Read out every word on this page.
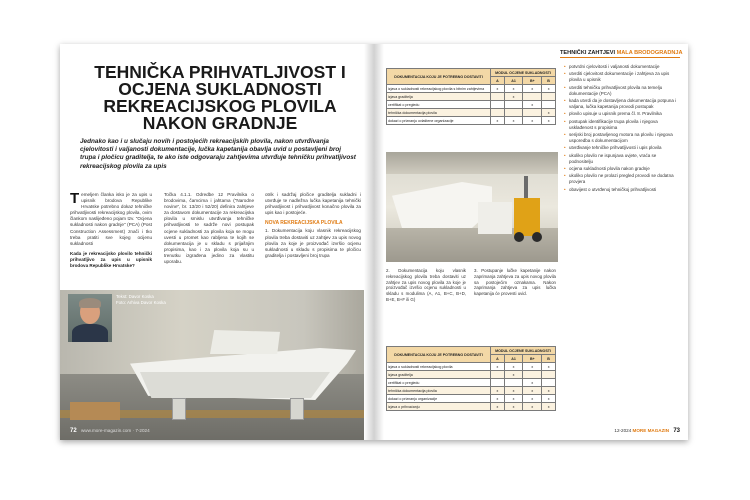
TEHNIČKA PRIHVATLJIVOST I OCJENA SUKLADNOSTI REKREACIJSKOG PLOVILA NAKON GRADNJE
Jednako kao i u slučaju novih i postojećih rekreacijskih plovila, nakon utvrđivanja cjelovitosti i valjanosti dokumentacije, lučka kapetanija obavlja uvid u postavljeni broj trupa i pločicu graditelja, te ako iste odgovaraju zahtjevima utvrđuje tehničku prihvatljivost rekreacijskog plovila za upis
T emeljem članka isko je za upis u upisnik brodova Republike Hrvatske potrebno dokaz tehničke prihvatljivosti rekreacijskog plovila, ovim člankom naslijeđeno pojam tzv. "Ocjena sukladnosti nakon gradnje" (PCA) (Post Construction Assessment) znači i tko treba pratiti sve kojeg ocijenu sukladnosti
Kada je rekreacijsko plovilo tehnički prihvatljivo za upis u upisnik brodova Republike Hrvatske?
Točka 4.1.1. Odredbe 12 Pravilnika o brodovima, čamcima i jahtama ("Narodne novine", br. 13/20 i 52/20) definira zahtjeve za dostavom dokumentacije za rekreacijska plovila u smislu utvrđivanja tehničke prihvatljivosti te sadrže novi postupak ocjene sukladnosti za plovila koja se mogu uvesti u promet kao rabljena te kojih se dokumentacija je u skladu s prijašnjim propisima, kao i za plovila koja su u trenutku izgrađena jedino za vlastitu uporabu.
otrik i sadržaj pločice graditelja sukladni i utvrđuje te nadležna lučka kapetanija tehnički prihvatljivost i prihvatljivost konačno plovila za upis kao i postojeće.
NOVA REKREACIJSKA PLOVILA
1. Dokumentacija koju vlasnik rekreacijskog plovila treba dostaviti uz zahtjev za upis novog plovila za koje je proizvođač izvršio ocjenu sukladnosti u skladu s propisima te pločicu graditelja i postavljeni broj trupa
Tekst: Davor Koska
Foto: Arhiva Davor Koska
72 www.more-magazin.com · 7-2024
TEHNIČKI ZAHTJEVI MALA BRODOGRADNJA
DOKUMENTACIJA KOJU JE POTREBNO DOSTAVITI	MODUL OCJENE SUKLADNOSTI			
	A	A1	B+	B
izjava o sukladnosti rekreacijskog plovila s bitnim zahtjevima	x	x	x	x
izjava graditelja		x		
certifikat o pregledu			x	
tehnička dokumentacija plovila				x
dokazi o priznanju ovlaštene organizacije	x	x	x	x
2. Dokumentacija koju vlasnik rekreacijskog plovila treba dostaviti uz zahtjev za upis novog plovila za koje je proizvođač izvršio ocjenu sukladnosti u skladu s modulima (A, A1, B+C, B+D, B+E, B+F ili G)
3. Postupanje lučke kapetanije nakon zaprimanja zahtjeva za upis novog plovila sa postojećim oznakama. Nakon zaprimanja zahtjeva za upis lučka kapetanija će provesti uvid.
DOKUMENTACIJA KOJU JE POTREBNO DOSTAVITI	MODUL OCJENE SUKLADNOSTI			
	A	A1	B+	B
izjava o sukladnosti rekreacijskog plovila	x	x	x	x
izjava graditelja		x		
certifikat o pregledu			x	
tehnička dokumentacija plovila	x	x	x	x
dokazi o priznanju organizacije	x	x	x	x
izjava o prihvaćanju	x	x	x	x
• potvrdni cjelovitosti i valjanosti dokumentacije
• utvrditi cjelovitost dokumentacije i zahtjeva za upis plovila u upisnik
• utvrditi tehničku prihvatljivost plovila na temelju dokumentacije (PCA)
• kada utvrdi da je dostavljena dokumentacija potpuna i valjana, lučka kapetanija provodi postupak
• plovilo upisuje u upisnik prema čl. 8. Pravilnika
• postupak identifikacije trupa plovila i njegova usklađenost s propisima
• serijski broj postavljenog motora na plovilu i njegova usporedba s dokumentacijom
• utvrđivanje tehničke prihvatljivosti i upis plovila
• ukoliko plovilo ne ispunjava uvjete, vraća se podnositelju
• ocjena sukladnosti plovila nakon gradnje
• ukoliko plovilo ne prolazi pregled provodi se dodatna provjera
• obavijest o utvrđenoj tehničkoj prihvatljivosti
12-2024 MORE MAGAZIN 73
